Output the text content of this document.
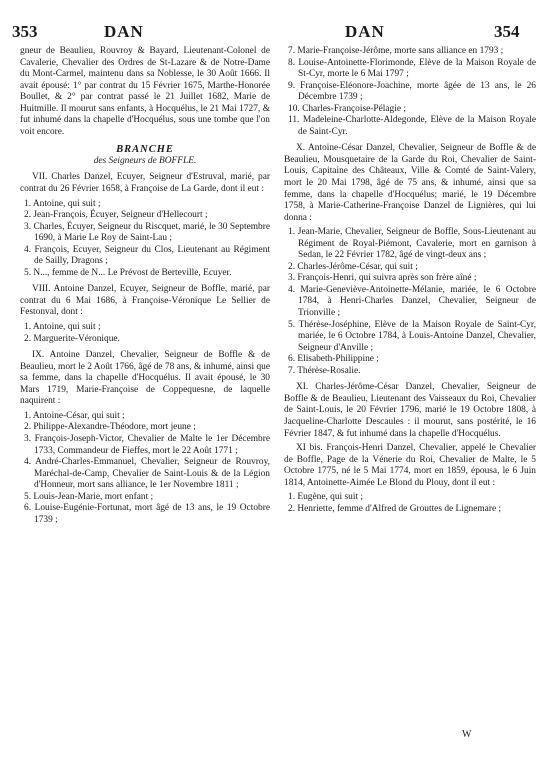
353	DAN	DAN	354

gneur de Beaulieu, Rouvroy & Bayard, Lieutenant-Colonel de Cavalerie, Chevalier des Ordres de St-Lazare & de Notre-Dame du Mont-Carmel, maintenu dans sa Noblesse, le 30 Août 1666. Il avait épousé: 1° par contrat du 15 Février 1675, Marthe-Honorée Boullet, & 2° par contrat passé le 21 Juillet 1682, Marie de Huitmille. Il mourut sans enfants, à Hocquélus, le 21 Mai 1727, & fut inhumé dans la chapelle d'Hocquélus, sous une tombe que l'on voit encore.

BRANCHE
des Seigneurs de BOFFLE.

VII. Charles Danzel, Ecuyer, Seigneur d'Estruval, marié, par contrat du 26 Février 1658, à Françoise de La Garde, dont il eut :

1. Antoine, qui suit ;
2. Jean-François, Écuyer, Seigneur d'Hellecourt ;
3. Charles, Écuyer, Seigneur du Riscquet, marié, le 30 Septembre 1690, à Marie Le Roy de Saint-Lau ;
4. François, Ecuyer, Seigneur du Clos, Lieutenant au Régiment de Sailly, Dragons ;
5. N..., femme de N... Le Prévost de Berteville, Ecuyer.

VIII. Antoine Danzel, Ecuyer, Seigneur de Boffle, marié, par contrat du 6 Mai 1686, à Françoise-Véronique Le Sellier de Festonval, dont :

1. Antoine, qui suit ;
2. Marguerite-Véronique.

IX. Antoine Danzel, Chevalier, Seigneur de Boffle & de Beaulieu, mort le 2 Août 1766, âgé de 78 ans, & inhumé, ainsi que sa femme, dans la chapelle d'Hocquélus. Il avait épousé, le 30 Mars 1719, Marie-Françoise de Coppequesne, de laquelle naquirent :

1. Antoine-César, qui suit ;
2. Philippe-Alexandre-Théodore, mort jeune ;
3. François-Joseph-Victor, Chevalier de Malte le 1er Décembre 1733, Commandeur de Fieffes, mort le 22 Août 1771 ;
4. André-Charles-Emmanuel, Chevalier, Seigneur de Rouvroy, Maréchal-de-Camp, Chevalier de Saint-Louis & de la Légion d'Honneur, mort sans alliance, le 1er Novembre 1811 ;
5. Louis-Jean-Marie, mort enfant ;
6. Louise-Eugénie-Fortunat, mort âgé de 13 ans, le 19 Octobre 1739 ;
7. Marie-Françoise-Jérôme, morte sans alliance en 1793 ;
8. Louise-Antoinette-Florimonde, Elève de la Maison Royale de St-Cyr, morte le 6 Mai 1797 ;
9. Françoise-Eléonore-Joachine, morte âgée de 13 ans, le 26 Décembre 1739 ;
10. Charles-Françoise-Pélagie ;
11. Madeleine-Charlotte-Aldegonde, Elève de la Maison Royale de Saint-Cyr.

X. Antoine-César Danzel, Chevalier, Seigneur de Boffle & de Beaulieu, Mousquetaire de la Garde du Roi, Chevalier de Saint-Louis, Capitaine des Châteaux, Ville & Comté de Saint-Valery, mort le 20 Mai 1798, âgé de 75 ans, & inhumé, ainsi que sa femme, dans la chapelle d'Hocquélus; marié, le 19 Décembre 1758, à Marie-Catherine-Françoise Danzel de Lignières, qui lui donna :

1. Jean-Marie, Chevalier, Seigneur de Boffle, Sous-Lieutenant au Régiment de Royal-Piémont, Cavalerie, mort en garnison à Sedan, le 22 Février 1782, âgé de vingt-deux ans ;
2. Charles-Jérôme-César, qui suit ;
3. François-Henri, qui suivra après son frère aîné ;
4. Marie-Geneviève-Antoinette-Mélanie, mariée, le 6 Octobre 1784, à Henri-Charles Danzel, Chevalier, Seigneur de Trionville ;
5. Thérèse-Joséphine, Elève de la Maison Royale de Saint-Cyr, mariée, le 6 Octobre 1784, à Louis-Antoine Danzel, Chevalier, Seigneur d'Anville ;
6. Elisabeth-Philippine ;
7. Thérèse-Rosalie.

XI. Charles-Jérôme-César Danzel, Chevalier, Seigneur de Boffle & de Beaulieu, Lieutenant des Vaisseaux du Roi, Chevalier de Saint-Louis, le 20 Février 1796, marié le 19 Octobre 1808, à Jacqueline-Charlotte Descaules : il mourut, sans postérité, le 16 Février 1847, & fut inhumé dans la chapelle d'Hocquélus.

XI bis. François-Henri Danzel, Chevalier, appelé le Chevalier de Boffle, Page de la Vénerie du Roi, Chevalier de Malte, le 5 Octobre 1775, né le 5 Mai 1774, mort en 1859, épousa, le 6 Juin 1814, Antoinette-Aimée Le Blond du Plouy, dont il eut :

1. Eugène, qui suit ;
2. Henriette, femme d'Alfred de Grouttes de Lignemare ;
W
